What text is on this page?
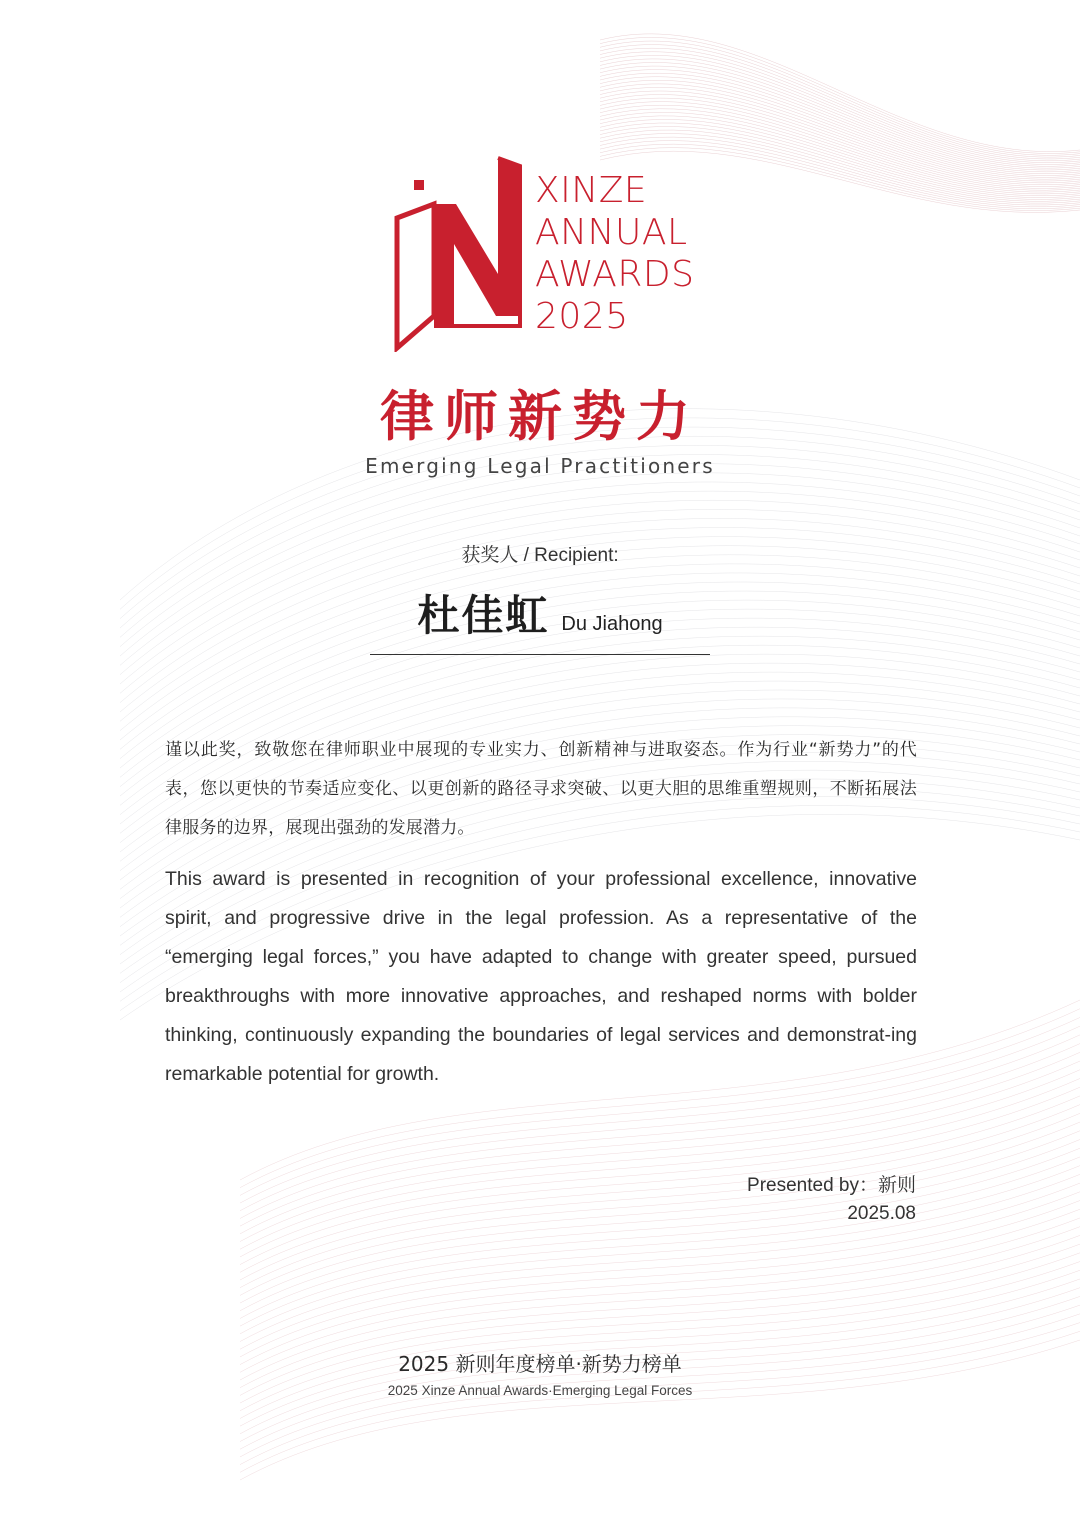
XINZE
ANNUAL
AWARDS
2025
律师新势力
Emerging Legal Practitioners
获奖人 / Recipient:
杜佳虹 Du Jiahong
谨以此奖，致敬您在律师职业中展现的专业实力、创新精神与进取姿态。作为行业“新势力”的代表，您以更快的节奏适应变化、以更创新的路径寻求突破、以更大胆的思维重塑规则，不断拓展法律服务的边界，展现出强劲的发展潜力。
This award is presented in recognition of your professional excellence, innovative spirit, and progressive drive in the legal profession. As a representative of the “emerging legal forces,” you have adapted to change with greater speed, pursued breakthroughs with more innovative approaches, and reshaped norms with bolder thinking, continuously expanding the boundaries of legal services and demonstrat-ing remarkable potential for growth.
Presented by：新则
2025.08
2025 新则年度榜单·新势力榜单
2025 Xinze Annual Awards·Emerging Legal Forces
